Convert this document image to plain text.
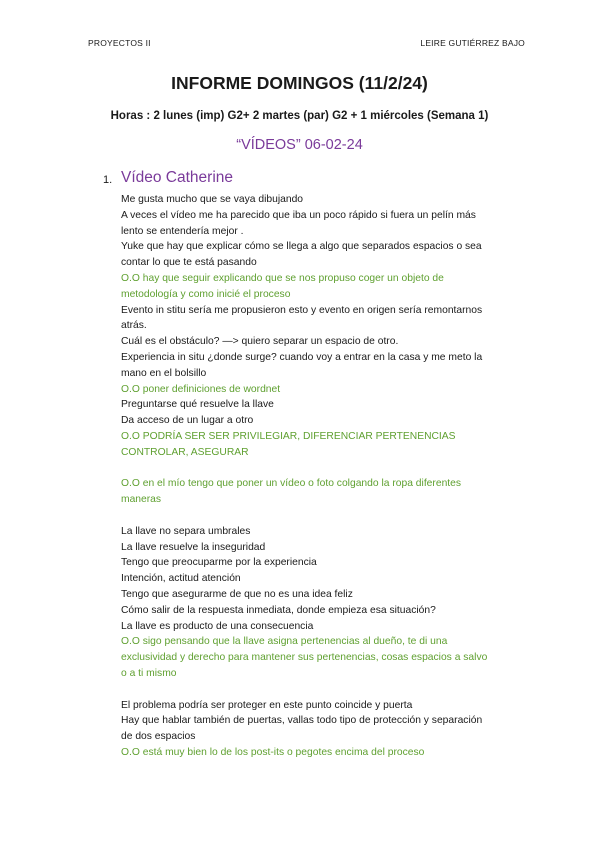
PROYECTOS II	LEIRE GUTIÉRREZ BAJO
INFORME DOMINGOS (11/2/24)
Horas : 2 lunes (imp) G2+ 2 martes (par) G2 + 1 miércoles (Semana 1)
“VÍDEOS” 06-02-24
1. Vídeo Catherine
Me gusta mucho que se vaya dibujando
A veces el vídeo me ha parecido que iba un poco rápido si fuera un pelín más
lento se entendería mejor .
Yuke que hay que explicar cómo se llega a algo que separados espacios o sea
contar lo que te está pasando
O.O hay que seguir explicando que se nos propuso coger un objeto de
metodología y como inicié el proceso
Evento in stitu sería me propusieron esto y evento en origen sería remontarnos
atrás.
Cuál es el obstáculo? —> quiero separar un espacio de otro.
Experiencia in situ ¿donde surge? cuando voy a entrar en la casa y me meto la
mano en el bolsillo
O.O poner definiciones de wordnet
Preguntarse qué resuelve la llave
Da acceso de un lugar a otro
O.O PODRÍA SER SER PRIVILEGIAR, DIFERENCIAR PERTENENCIAS
CONTROLAR, ASEGURAR
O.O en el mío tengo que poner un vídeo o foto colgando la ropa diferentes
maneras
La llave no separa umbrales
La llave resuelve la inseguridad
Tengo que preocuparme por la experiencia
Intención, actitud atención
Tengo que asegurarme de que no es una idea feliz
Cómo salir de la respuesta inmediata, donde empieza esa situación?
La llave es producto de una consecuencia
O.O sigo pensando que la llave asigna pertenencias al dueño, te di una
exclusividad y derecho para mantener sus pertenencias, cosas espacios a salvo
o a ti mismo
El problema podría ser proteger en este punto coincide y puerta
Hay que hablar también de puertas, vallas todo tipo de protección y separación
de dos espacios
O.O está muy bien lo de los post-its o pegotes encima del proceso
